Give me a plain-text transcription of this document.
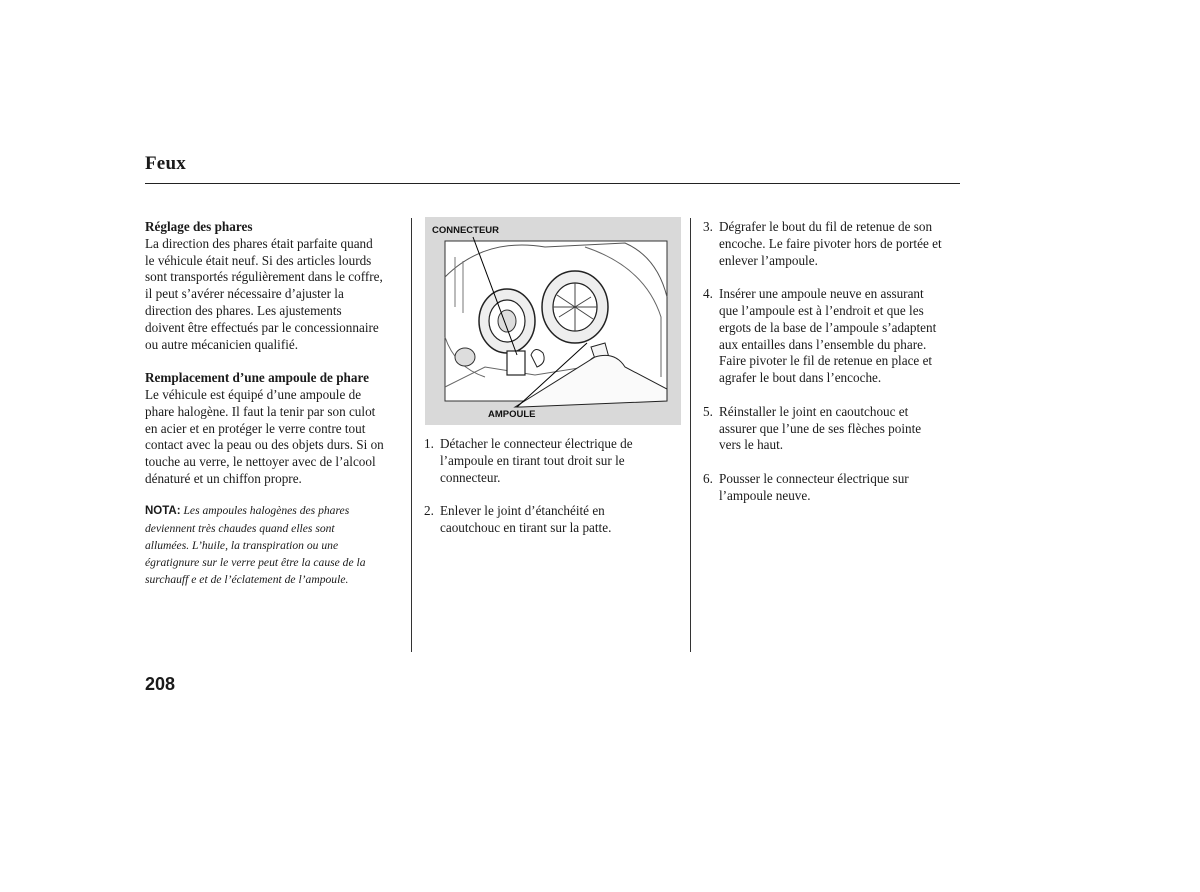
Feux

Réglage des phares

La direction des phares était parfaite quand

le véhicule était neuf. Si des articles lourds

sont transportés régulièrement dans le coffre,

il peut s’avérer nécessaire d’ajuster la

direction des phares. Les ajustements

doivent être effectués par le concessionnaire

ou autre mécanicien qualifié.

Remplacement d’une ampoule de phare

Le véhicule est équipé d’une ampoule de

phare halogène. Il faut la tenir par son culot

en acier et en protéger le verre contre tout

contact avec la peau ou des objets durs. Si on

touche au verre, le nettoyer avec de l’alcool

dénaturé et un chiffon propre.

NOTA: Les ampoules halogènes des phares

deviennent très chaudes quand elles sont

allumées. L’huile, la transpiration ou une

égratignure sur le verre peut être la cause de la

surchauff e et de l’éclatement de l’ampoule.

CONNECTEUR
AMPOULE
1. Détacher le connecteur électrique de

l’ampoule en tirant tout droit sur le

connecteur.

2. Enlever le joint d’étanchéité en

caoutchouc en tirant sur la patte.

3. Dégrafer le bout du fil de retenue de son

encoche. Le faire pivoter hors de portée et

enlever l’ampoule.

4. Insérer une ampoule neuve en assurant

que l’ampoule est à l’endroit et que les

ergots de la base de l’ampoule s’adaptent

aux entailles dans l’ensemble du phare.

Faire pivoter le fil de retenue en place et

agrafer le bout dans l’encoche.

5. Réinstaller le joint en caoutchouc et

assurer que l’une de ses flèches pointe

vers le haut.

6. Pousser le connecteur électrique sur

l’ampoule neuve.

208
